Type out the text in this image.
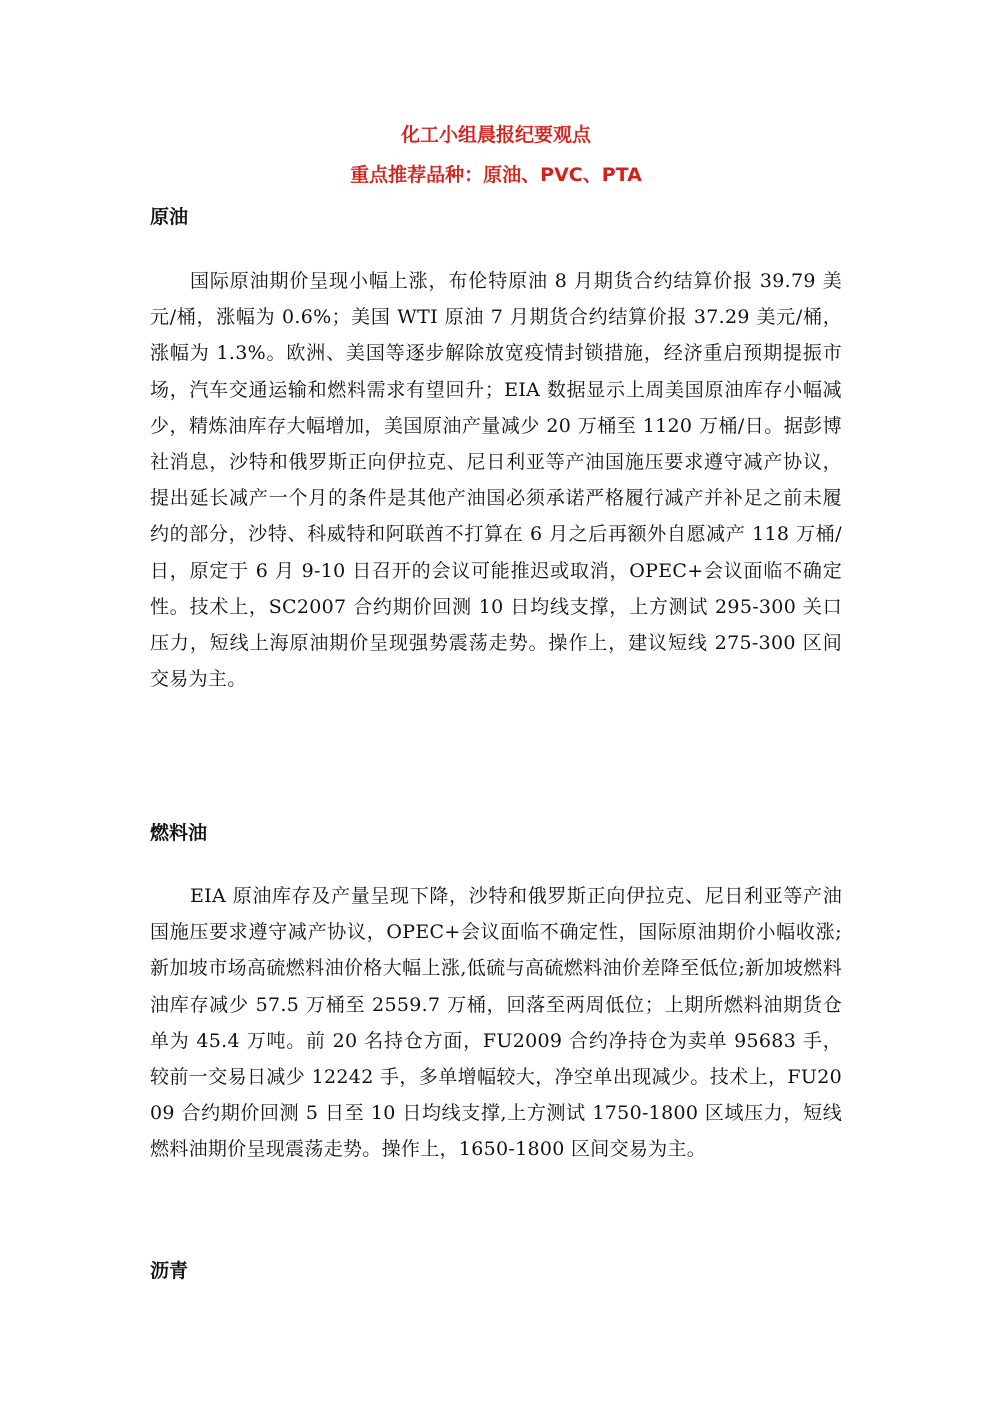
化工小组晨报纪要观点
重点推荐品种：原油、PVC、PTA
原油

国际原油期价呈现小幅上涨，布伦特原油 8 月期货合约结算价报 39.79 美元/桶，涨幅为 0.6%；美国 WTI 原油 7 月期货合约结算价报 37.29 美元/桶，涨幅为 1.3%。欧洲、美国等逐步解除放宽疫情封锁措施，经济重启预期提振市场，汽车交通运输和燃料需求有望回升；EIA 数据显示上周美国原油库存小幅减少，精炼油库存大幅增加，美国原油产量减少 20 万桶至 1120 万桶/日。据彭博社消息，沙特和俄罗斯正向伊拉克、尼日利亚等产油国施压要求遵守减产协议，提出延长减产一个月的条件是其他产油国必须承诺严格履行减产并补足之前未履约的部分，沙特、科威特和阿联酋不打算在 6 月之后再额外自愿减产 118 万桶/日，原定于 6 月 9-10 日召开的会议可能推迟或取消，OPEC+会议面临不确定性。技术上，SC2007 合约期价回测 10 日均线支撑，上方测试 295-300 关口压力，短线上海原油期价呈现强势震荡走势。操作上，建议短线 275-300 区间交易为主。

燃料油

EIA 原油库存及产量呈现下降，沙特和俄罗斯正向伊拉克、尼日利亚等产油国施压要求遵守减产协议，OPEC+会议面临不确定性，国际原油期价小幅收涨;新加坡市场高硫燃料油价格大幅上涨,低硫与高硫燃料油价差降至低位;新加坡燃料油库存减少 57.5 万桶至 2559.7 万桶，回落至两周低位；上期所燃料油期货仓单为 45.4 万吨。前 20 名持仓方面，FU2009 合约净持仓为卖单 95683 手，较前一交易日减少 12242 手，多单增幅较大，净空单出现减少。技术上，FU2009 合约期价回测 5 日至 10 日均线支撑,上方测试 1750-1800 区域压力，短线燃料油期价呈现震荡走势。操作上，1650-1800 区间交易为主。

沥青
